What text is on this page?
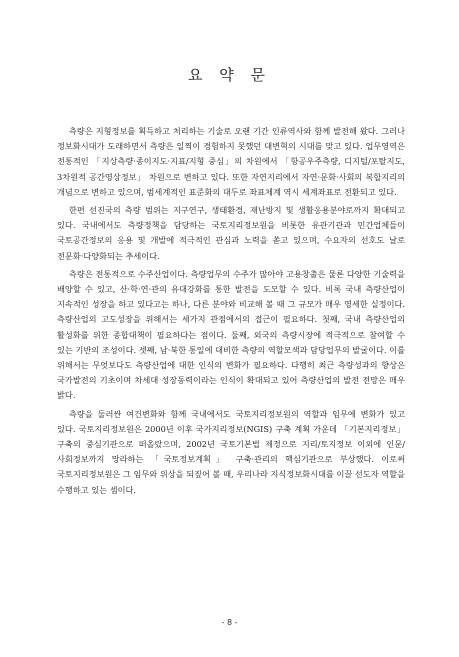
요 약 문

측량은 지형정보를 획득하고 처리하는 기술로 오랜 기간 인류역사와 함께 발전해 왔다. 그러나 정보화시대가 도래하면서 측량은 일찍이 경험하지 못했던 대변혁의 시대를 맞고 있다. 업무영역은 전통적인 「지상측량·종이지도·지표/지형 중심」의 차원에서 「항공우주측량, 디지털/포탈지도, 3차원적 공간영상정보」 차원으로 변하고 있다. 또한 자연지리에서 자연·문화·사회의 복합지리의 개념으로 변하고 있으며, 범세계적인 표준화의 대두로 좌표체계 역시 세계좌표로 전환되고 있다.

한편 선진국의 측량 범위는 지구연구, 생태환경, 재난방지 및 생활응용분야로까지 확대되고 있다. 국내에서도 측량정책을 담당하는 국토지리정보원을 비롯한 유관기관과 민간업체들이 국토공간정보의 응용 및 개발에 적극적인 관심과 노력을 쏟고 있으며, 수요자의 선호도 날로 전문화·다양화되는 추세이다.

측량은 전통적으로 수주산업이다. 측량업무의 수주가 많아야 고용창출은 물론 다양한 기술력을 배양할 수 있고, 산·학·연·관의 유대강화를 통한 발전을 도모할 수 있다. 비록 국내 측량산업이 지속적인 성장을 하고 있다고는 하나, 다른 분야와 비교해 볼 때 그 규모가 매우 영세한 실정이다. 측량산업의 고도성장을 위해서는 세가지 관점에서의 접근이 필요하다. 첫째, 국내 측량산업의 활성화를 위한 종합대책이 필요하다는 점이다. 둘째, 외국의 측량시장에 적극적으로 참여할 수 있는 기반의 조성이다. 셋째, 남·북한 통일에 대비한 측량의 역할모색과 담당업무의 발굴이다. 이를 위해서는 무엇보다도 측량산업에 대한 인식의 변화가 필요하다. 다행히 최근 측량성과의 향상은 국가발전의 기초이며 차세대 성장동력이라는 인식이 확대되고 있어 측량산업의 발전 전망은 매우 밝다.

측량을 둘러싼 여건변화와 함께 국내에서도 국토지리정보원의 역할과 임무에 변화가 있고 있다. 국토지리정보원은 2000년 이후 국가지리정보(NGIS) 구축 계획 가운데 「기본지리정보」 구축의 중심기관으로 떠올랐으며, 2002년 국토기본법 제정으로 지리/토지정보 이외에 인문/사회정보까지 망라하는 「국토정보계획」 구축·관리의 핵심기관으로 부상했다. 이로써 국토지리정보원은 그 임무와 위상을 되짚어 볼 때, 우리나라 지식정보화시대를 이끌 선도자 역할을 수행하고 있는 셈이다.

- 8 -
